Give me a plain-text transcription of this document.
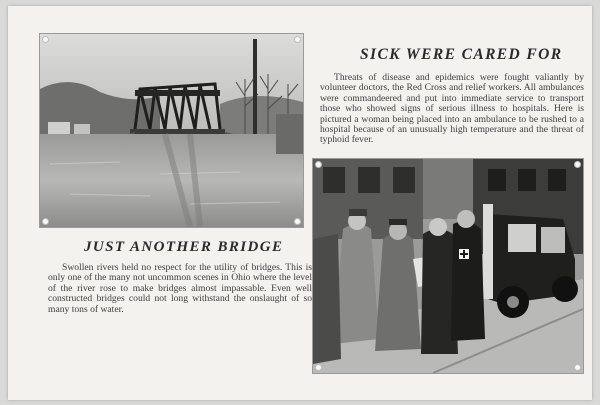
SICK WERE CARED FOR

Threats of disease and epidemics were fought valiantly by volunteer doctors, the Red Cross and relief workers. All ambulances were commandeered and put into immediate service to transport those who showed signs of serious illness to hospitals. Here is pictured a woman being placed into an ambulance to be rushed to a hospital because of an unusually high temperature and the threat of typhoid fever.

JUST ANOTHER BRIDGE

Swollen rivers held no respect for the utility of bridges. This is only one of the many not uncommon scenes in Ohio where the level of the river rose to make bridges almost impassable. Even well constructed bridges could not long withstand the onslaught of so many tons of water.
